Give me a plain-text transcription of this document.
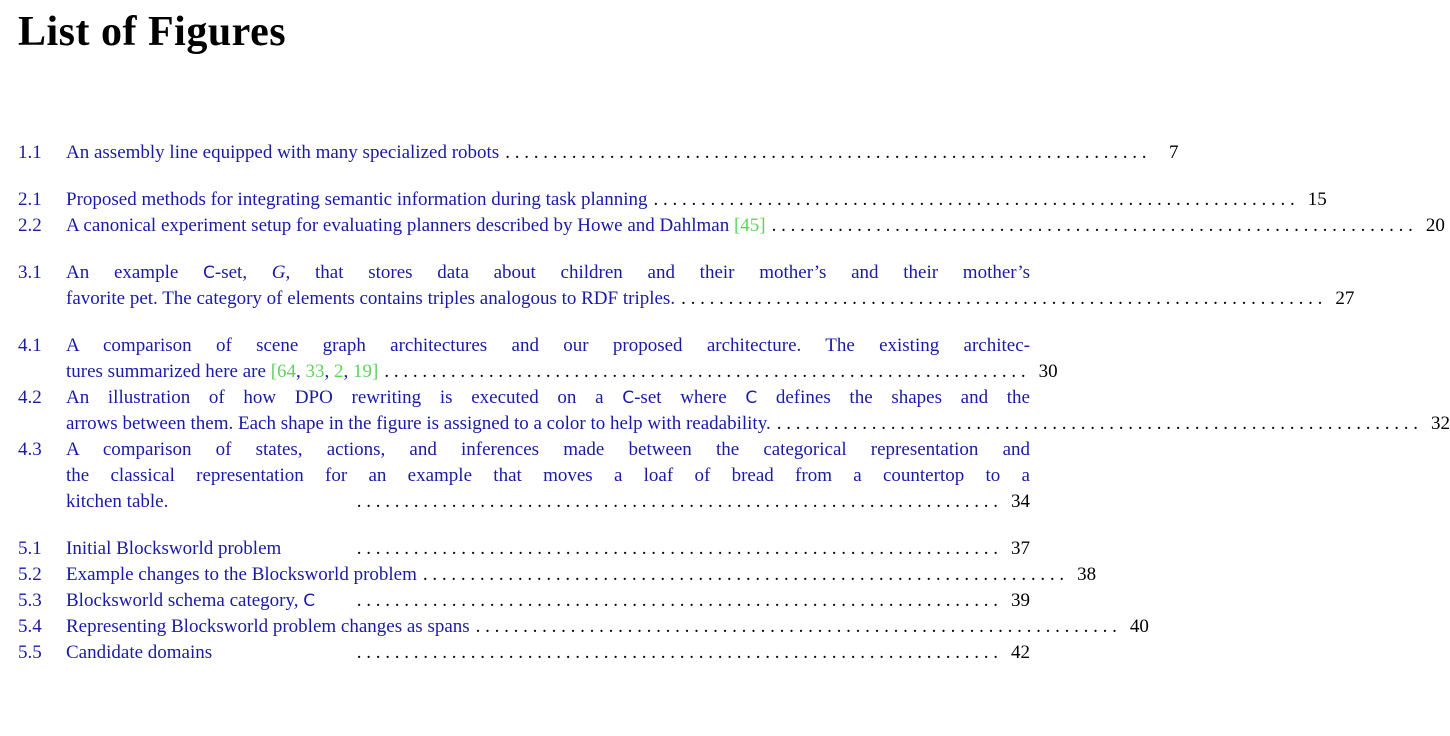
List of Figures
1.1	An assembly line equipped with many specialized robots . . . . . . . . . . . . . . . . . . . . . . . . . . . . . . . . . . . . . . . . . . . . . . . . . . . . . . . . . . . . . . . . . . . .	7
2.1	Proposed methods for integrating semantic information during task planning . . . . . . . . . . . . . . . . . . . . . . . . . . . . . . . . . . . . . . . . . . . . . . . . . . . . . . . . . . . . . . . . . . . . 15
2.2	A canonical experiment setup for evaluating planners described by Howe and Dahlman [45] . . . . . . . . . . . . . . . . . . . . . . . . . . . . . . . . . . . . . . . . . . . . . . . . . . . . . . . . . . . . . . . . . . . . 20
3.1	An example C-set, G, that stores data about children and their mother’s and their mother’s
favorite pet. The category of elements contains triples analogous to RDF triples. . . . . . . . . . . . . . . . . . . . . . . . . . . . . . . . . . . . . . . . . . . . . . . . . . . . . . . . . . . . . . . . . . . . . 27
4.1	A comparison of scene graph architectures and our proposed architecture. The existing architec-
tures summarized here are [64, 33, 2, 19] . . . . . . . . . . . . . . . . . . . . . . . . . . . . . . . . . . . . . . . . . . . . . . . . . . . . . . . . . . . . . . . . . . . . 30
4.2	An illustration of how DPO rewriting is executed on a C-set where C defines the shapes and the
arrows between them. Each shape in the figure is assigned to a color to help with readability. . . . . . . . . . . . . . . . . . . . . . . . . . . . . . . . . . . . . . . . . . . . . . . . . . . . . . . . . . . . . . . . . . . . . 32
4.3	A comparison of states, actions, and inferences made between the categorical representation and
the classical representation for an example that moves a loaf of bread from a countertop to a
kitchen table.	. . . . . . . . . . . . . . . . . . . . . . . . . . . . . . . . . . . . . . . . . . . . . . . . . . . . . . . . . . . . . . . . . . . . 34
5.1	Initial Blocksworld problem	. . . . . . . . . . . . . . . . . . . . . . . . . . . . . . . . . . . . . . . . . . . . . . . . . . . . . . . . . . . . . . . . . . . . 37
5.2	Example changes to the Blocksworld problem . . . . . . . . . . . . . . . . . . . . . . . . . . . . . . . . . . . . . . . . . . . . . . . . . . . . . . . . . . . . . . . . . . . . 38
5.3	Blocksworld schema category, C	. . . . . . . . . . . . . . . . . . . . . . . . . . . . . . . . . . . . . . . . . . . . . . . . . . . . . . . . . . . . . . . . . . . . 39
5.4	Representing Blocksworld problem changes as spans . . . . . . . . . . . . . . . . . . . . . . . . . . . . . . . . . . . . . . . . . . . . . . . . . . . . . . . . . . . . . . . . . . . . 40
5.5	Candidate domains	. . . . . . . . . . . . . . . . . . . . . . . . . . . . . . . . . . . . . . . . . . . . . . . . . . . . . . . . . . . . . . . . . . . . 42
